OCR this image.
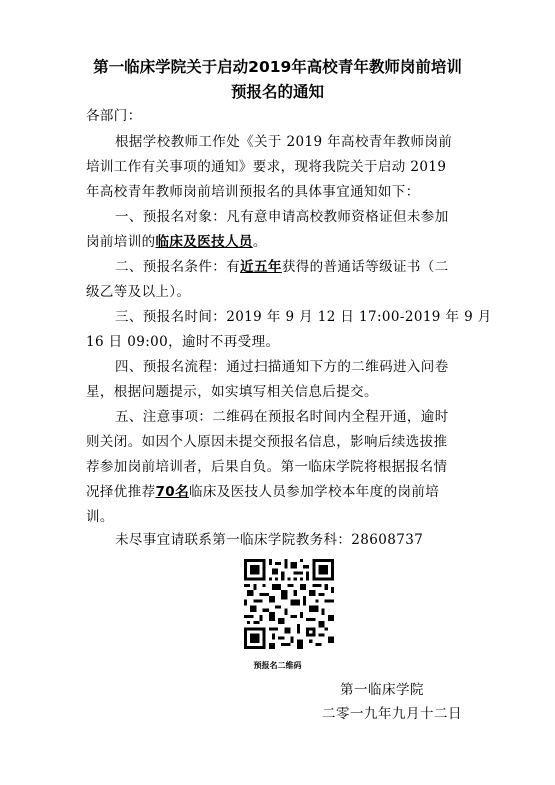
第一临床学院关于启动2019年高校青年教师岗前培训
预报名的通知
各部门：
根据学校教师工作处《关于 2019 年高校青年教师岗前
培训工作有关事项的通知》要求，现将我院关于启动 2019
年高校青年教师岗前培训预报名的具体事宜通知如下：
一、预报名对象：凡有意申请高校教师资格证但未参加
岗前培训的临床及医技人员。
二、预报名条件：有近五年获得的普通话等级证书（二
级乙等及以上）。
三、预报名时间：2019 年 9 月 12 日 17:00-2019 年 9 月
16 日 09:00，逾时不再受理。
四、预报名流程：通过扫描通知下方的二维码进入问卷
星，根据问题提示，如实填写相关信息后提交。
五、注意事项：二维码在预报名时间内全程开通，逾时
则关闭。如因个人原因未提交预报名信息，影响后续选拔推
荐参加岗前培训者，后果自负。第一临床学院将根据报名情
况择优推荐70名临床及医技人员参加学校本年度的岗前培
训。
预报名二维码
第一临床学院
二零一九年九月十二日
未尽事宜请联系第一临床学院教务科：28608737
